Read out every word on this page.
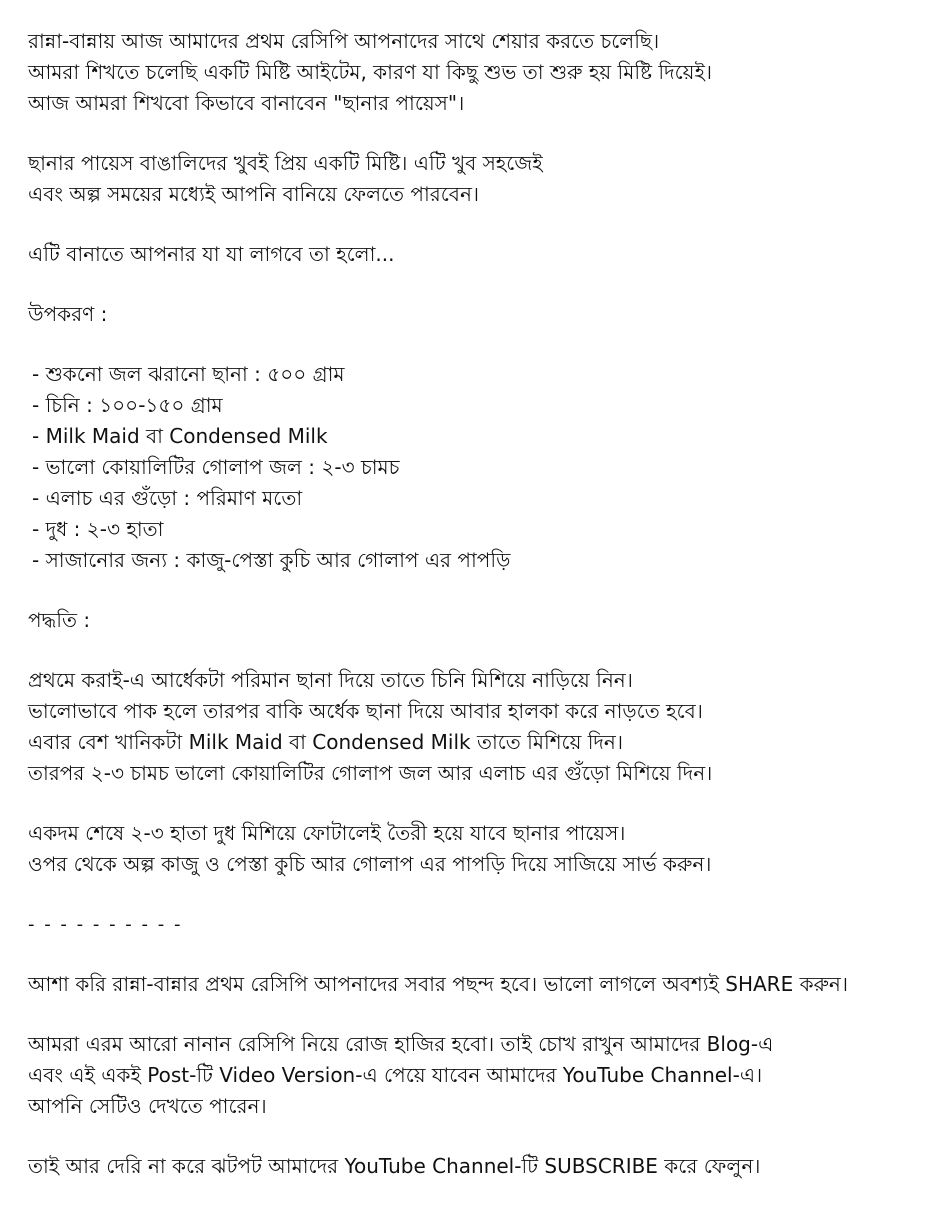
রান্না-বান্নায় আজ আমাদের প্রথম রেসিপি আপনাদের সাথে শেয়ার করতে চলেছি।
আমরা শিখতে চলেছি একটি মিষ্টি আইটেম, কারণ যা কিছু শুভ তা শুরু হয় মিষ্টি দিয়েই।
আজ আমরা শিখবো কিভাবে বানাবেন "ছানার পায়েস"।
ছানার পায়েস বাঙালিদের খুবই প্রিয় একটি মিষ্টি। এটি খুব সহজেই
এবং অল্প সময়ের মধ্যেই আপনি বানিয়ে ফেলতে পারবেন।
এটি বানাতে আপনার যা যা লাগবে তা হলো...
উপকরণ :
- শুকনো জল ঝরানো ছানা : ৫০০ গ্রাম
- চিনি : ১০০-১৫০ গ্রাম
- Milk Maid বা Condensed Milk
- ভালো কোয়ালিটির গোলাপ জল : ২-৩ চামচ
- এলাচ এর গুঁড়ো : পরিমাণ মতো
- দুধ : ২-৩ হাতা
- সাজানোর জন্য : কাজু-পেস্তা কুচি আর গোলাপ এর পাপড়ি
পদ্ধতি :
প্রথমে করাই-এ আর্ধেকটা পরিমান ছানা দিয়ে তাতে চিনি মিশিয়ে নাড়িয়ে নিন।
ভালোভাবে পাক হলে তারপর বাকি অর্ধেক ছানা দিয়ে আবার হালকা করে নাড়তে হবে।
এবার বেশ খানিকটা Milk Maid বা Condensed Milk তাতে মিশিয়ে দিন।
তারপর ২-৩ চামচ ভালো কোয়ালিটির গোলাপ জল আর এলাচ এর গুঁড়ো মিশিয়ে দিন।
একদম শেষে ২-৩ হাতা দুধ মিশিয়ে ফোটালেই তৈরী হয়ে যাবে ছানার পায়েস।
ওপর থেকে অল্প কাজু ও পেস্তা কুচি আর গোলাপ এর পাপড়ি দিয়ে সাজিয়ে সার্ভ করুন।
- - - - - - - - - -
আশা করি রান্না-বান্নার প্রথম রেসিপি আপনাদের সবার পছন্দ হবে। ভালো লাগলে অবশ্যই SHARE করুন।
আমরা এরম আরো নানান রেসিপি নিয়ে রোজ হাজির হবো। তাই চোখ রাখুন আমাদের Blog-এ
এবং এই একই Post-টি Video Version-এ পেয়ে যাবেন আমাদের YouTube Channel-এ।
আপনি সেটিও দেখতে পারেন।
তাই আর দেরি না করে ঝটপট আমাদের YouTube Channel-টি SUBSCRIBE করে ফেলুন।
